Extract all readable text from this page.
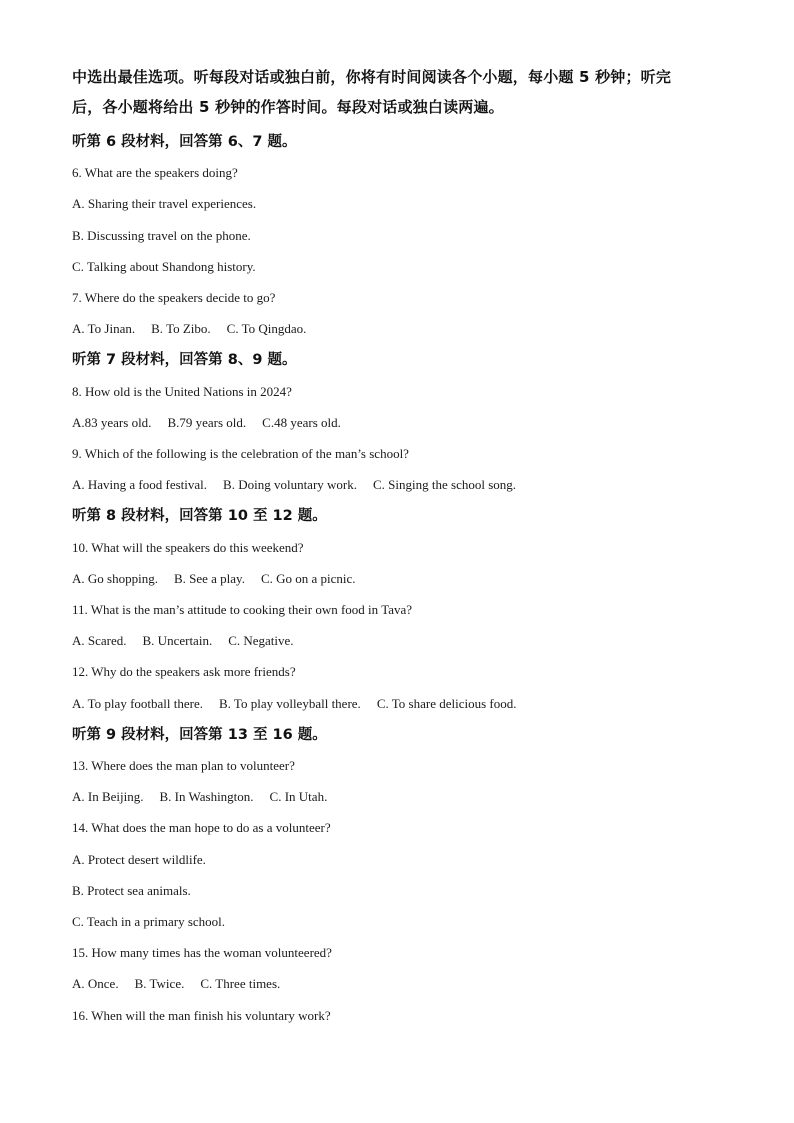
中选出最佳选项。听每段对话或独白前，你将有时间阅读各个小题，每小题 5 秒钟；听完

后，各小题将给出 5 秒钟的作答时间。每段对话或独白读两遍。

听第 6 段材料，回答第 6、7 题。
6. What are the speakers doing?
A. Sharing their travel experiences.
B. Discussing travel on the phone.
C. Talking about Shandong history.
7. Where do the speakers decide to go?
A. To Jinan. B. To Zibo. C. To Qingdao.
听第 7 段材料，回答第 8、9 题。
8. How old is the United Nations in 2024?
A.83 years old. B.79 years old. C.48 years old.
9. Which of the following is the celebration of the man’s school?
A. Having a food festival. B. Doing voluntary work. C. Singing the school song.
听第 8 段材料，回答第 10 至 12 题。
10. What will the speakers do this weekend?
A. Go shopping. B. See a play. C. Go on a picnic.
11. What is the man’s attitude to cooking their own food in Tava?
A. Scared. B. Uncertain. C. Negative.
12. Why do the speakers ask more friends?
A. To play football there. B. To play volleyball there. C. To share delicious food.
听第 9 段材料，回答第 13 至 16 题。
13. Where does the man plan to volunteer?
A. In Beijing. B. In Washington. C. In Utah.
14. What does the man hope to do as a volunteer?
A. Protect desert wildlife.
B. Protect sea animals.
C. Teach in a primary school.
15. How many times has the woman volunteered?
A. Once. B. Twice. C. Three times.
16. When will the man finish his voluntary work?
